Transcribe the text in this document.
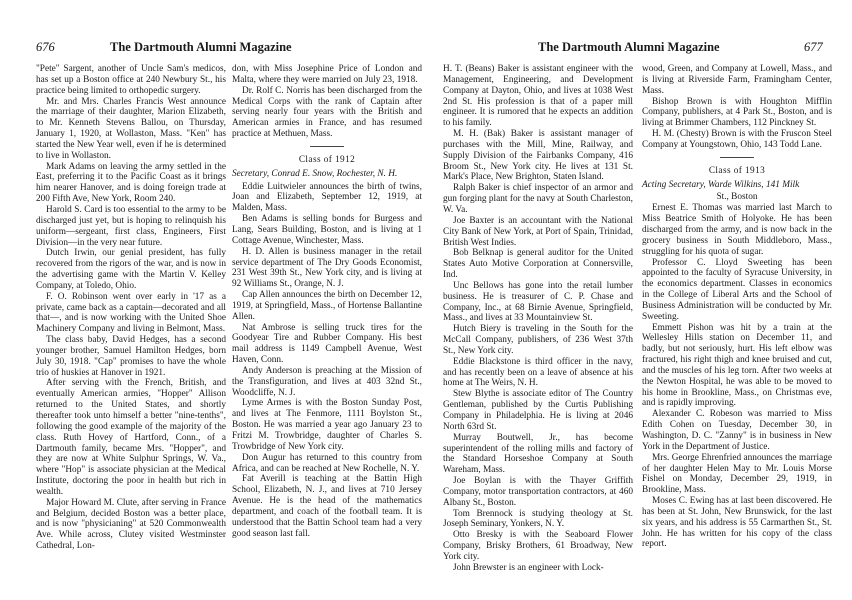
676	The Dartmouth Alumni Magazine

"Pete" Sargent, another of Uncle Sam's medicos, has set up a Boston office at 240 Newbury St., his practice being limited to orthopedic surgery.

Mr. and Mrs. Charles Francis West announce the marriage of their daughter, Marion Elizabeth, to Mr. Kenneth Stevens Ballou, on Thursday, January 1, 1920, at Wollaston, Mass. "Ken" has started the New Year well, even if he is determined to live in Wollaston.

Mark Adams on leaving the army settled in the East, preferring it to the Pacific Coast as it brings him nearer Hanover, and is doing foreign trade at 200 Fifth Ave, New York, Room 240.

Harold S. Card is too essential to the army to be discharged just yet, but is hoping to relinquish his uniform—sergeant, first class, Engineers, First Division—in the very near future.

Dutch Irwin, our genial president, has fully recovered from the rigors of the war, and is now in the advertising game with the Martin V. Kelley Company, at Toledo, Ohio.

F. O. Robinson went over early in '17 as a private, came back as a captain—decorated and all that—, and is now working with the United Shoe Machinery Company and living in Belmont, Mass.

The class baby, David Hedges, has a second younger brother, Samuel Hamilton Hedges, born July 30, 1918. "Cap" promises to have the whole trio of huskies at Hanover in 1921.

After serving with the French, British, and eventually American armies, "Hopper" Allison returned to the United States, and shortly thereafter took unto himself a better "nine-tenths", following the good example of the majority of the class. Ruth Hovey of Hartford, Conn., of a Dartmouth family, became Mrs. "Hopper", and they are now at White Sulphur Springs, W. Va., where "Hop" is associate physician at the Medical Institute, doctoring the poor in health but rich in wealth.

Major Howard M. Clute, after serving in France and Belgium, decided Boston was a better place, and is now "physicianing" at 520 Commonwealth Ave. While across, Clutey visited Westminster Cathedral, Lon-

don, with Miss Josephine Price of London and Malta, where they were married on July 23, 1918.

Dr. Rolf C. Norris has been discharged from the Medical Corps with the rank of Captain after serving nearly four years with the British and American armies in France, and has resumed practice at Methuen, Mass.

Class of 1912

Secretary, Conrad E. Snow, Rochester, N. H.

Eddie Luitwieler announces the birth of twins, Joan and Elizabeth, September 12, 1919, at Malden, Mass.

Ben Adams is selling bonds for Burgess and Lang, Sears Building, Boston, and is living at 1 Cottage Avenue, Winchester, Mass.

H. D. Allen is business manager in the retail service department of The Dry Goods Economist, 231 West 39th St., New York city, and is living at 92 Williams St., Orange, N. J.

Cap Allen announces the birth on December 12, 1919, at Springfield, Mass., of Hortense Ballantine Allen.

Nat Ambrose is selling truck tires for the Goodyear Tire and Rubber Company. His best mail address is 1149 Campbell Avenue, West Haven, Conn.

Andy Anderson is preaching at the Mission of the Transfiguration, and lives at 403 32nd St., Woodcliffe, N. J.

Lyme Armes is with the Boston Sunday Post, and lives at The Fenmore, 1111 Boylston St., Boston. He was married a year ago January 23 to Fritzi M. Trowbridge, daughter of Charles S. Trowbridge of New York city.

Don Augur has returned to this country from Africa, and can be reached at New Rochelle, N. Y.

Fat Averill is teaching at the Battin High School, Elizabeth, N. J., and lives at 710 Jersey Avenue. He is the head of the mathematics department, and coach of the football team. It is understood that the Battin School team had a very good season last fall.

The Dartmouth Alumni Magazine	677

H. T. (Beans) Baker is assistant engineer with the Management, Engineering, and Development Company at Dayton, Ohio, and lives at 1038 West 2nd St. His profession is that of a paper mill engineer. It is rumored that he expects an addition to his family.

M. H. (Bak) Baker is assistant manager of purchases with the Mill, Mine, Railway, and Supply Division of the Fairbanks Company, 416 Broom St., New York city. He lives at 131 St. Mark's Place, New Brighton, Staten Island.

Ralph Baker is chief inspector of an armor and gun forging plant for the navy at South Charleston, W. Va.

Joe Baxter is an accountant with the National City Bank of New York, at Port of Spain, Trinidad, British West Indies.

Bob Belknap is general auditor for the United States Auto Motive Corporation at Connersville, Ind.

Unc Bellows has gone into the retail lumber business. He is treasurer of C. P. Chase and Company, Inc., at 68 Birnie Avenue, Springfield, Mass., and lives at 33 Mountainview St.

Hutch Biery is traveling in the South for the McCall Company, publishers, of 236 West 37th St., New York city.

Eddie Blackstone is third officer in the navy, and has recently been on a leave of absence at his home at The Weirs, N. H.

Stew Blythe is associate editor of The Country Gentleman, published by the Curtis Publishing Company in Philadelphia. He is living at 2046 North 63rd St.

Murray Boutwell, Jr., has become superintendent of the rolling mills and factory of the Standard Horseshoe Company at South Wareham, Mass.

Joe Boylan is with the Thayer Griffith Company, motor transportation contractors, at 460 Albany St., Boston.

Tom Brennock is studying theology at St. Joseph Seminary, Yonkers, N. Y.

Otto Bresky is with the Seaboard Flower Company, Brisky Brothers, 61 Broadway, New York city.

John Brewster is an engineer with Lock-

wood, Green, and Company at Lowell, Mass., and is living at Riverside Farm, Framingham Center, Mass.

Bishop Brown is with Houghton Mifflin Company, publishers, at 4 Park St., Boston, and is living at Brimmer Chambers, 112 Pinckney St.

H. M. (Chesty) Brown is with the Fruscon Steel Company at Youngstown, Ohio, 143 Todd Lane.

Class of 1913

Acting Secretary, Warde Wilkins, 141 Milk

St., Boston

Ernest E. Thomas was married last March to Miss Beatrice Smith of Holyoke. He has been discharged from the army, and is now back in the grocery business in South Middleboro, Mass., struggling for his quota of sugar.

Professor C. Lloyd Sweeting has been appointed to the faculty of Syracuse University, in the economics department. Classes in economics in the College of Liberal Arts and the School of Business Administration will be conducted by Mr. Sweeting.

Emmett Pishon was hit by a train at the Wellesley Hills station on December 11, and badly, but not seriously, hurt. His left elbow was fractured, his right thigh and knee bruised and cut, and the muscles of his leg torn. After two weeks at the Newton Hospital, he was able to be moved to his home in Brookline, Mass., on Christmas eve, and is rapidly improving.

Alexander C. Robeson was married to Miss Edith Cohen on Tuesday, December 30, in Washington, D. C. "Zanny" is in business in New York in the Department of Justice.

Mrs. George Ehrenfried announces the marriage of her daughter Helen May to Mr. Louis Morse Fishel on Monday, December 29, 1919, in Brookline, Mass.

Moses C. Ewing has at last been discovered. He has been at St. John, New Brunswick, for the last six years, and his address is 55 Carmarthen St., St. John. He has written for his copy of the class report.
